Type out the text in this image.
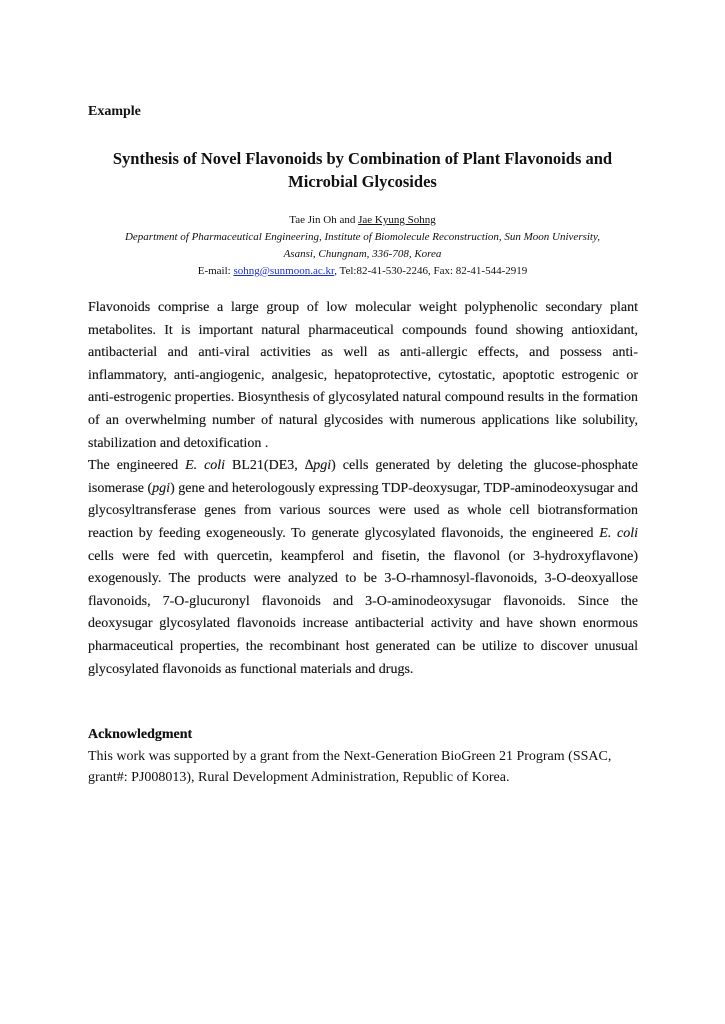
Example
Synthesis of Novel Flavonoids by Combination of Plant Flavonoids and
Microbial Glycosides
Tae Jin Oh and Jae Kyung Sohng
Department of Pharmaceutical Engineering, Institute of Biomolecule Reconstruction, Sun Moon University,
Asansi, Chungnam, 336-708, Korea
E-mail: sohng@sunmoon.ac.kr, Tel:82-41-530-2246, Fax: 82-41-544-2919

Flavonoids comprise a large group of low molecular weight polyphenolic secondary plant metabolites. It is important natural pharmaceutical compounds found showing antioxidant, antibacterial and anti-viral activities as well as anti-allergic effects, and possess anti-inflammatory, anti-angiogenic, analgesic, hepatoprotective, cytostatic, apoptotic estrogenic or anti-estrogenic properties. Biosynthesis of glycosylated natural compound results in the formation of an overwhelming number of natural glycosides with numerous applications like solubility, stabilization and detoxification .

The engineered E. coli BL21(DE3, ∆pgi) cells generated by deleting the glucose-phosphate isomerase (pgi) gene and heterologously expressing TDP-deoxysugar, TDP-aminodeoxysugar and glycosyltransferase genes from various sources were used as whole cell biotransformation reaction by feeding exogeneously. To generate glycosylated flavonoids, the engineered E. coli cells were fed with quercetin, keampferol and fisetin, the flavonol (or 3-hydroxyflavone) exogenously. The products were analyzed to be 3-O-rhamnosyl-flavonoids, 3-O-deoxyallose flavonoids, 7-O-glucuronyl flavonoids and 3-O-aminodeoxysugar flavonoids. Since the deoxysugar glycosylated flavonoids increase antibacterial activity and have shown enormous pharmaceutical properties, the recombinant host generated can be utilize to discover unusual glycosylated flavonoids as functional materials and drugs.

Acknowledgment
This work was supported by a grant from the Next-Generation BioGreen 21 Program (SSAC,
grant#: PJ008013), Rural Development Administration, Republic of Korea.
